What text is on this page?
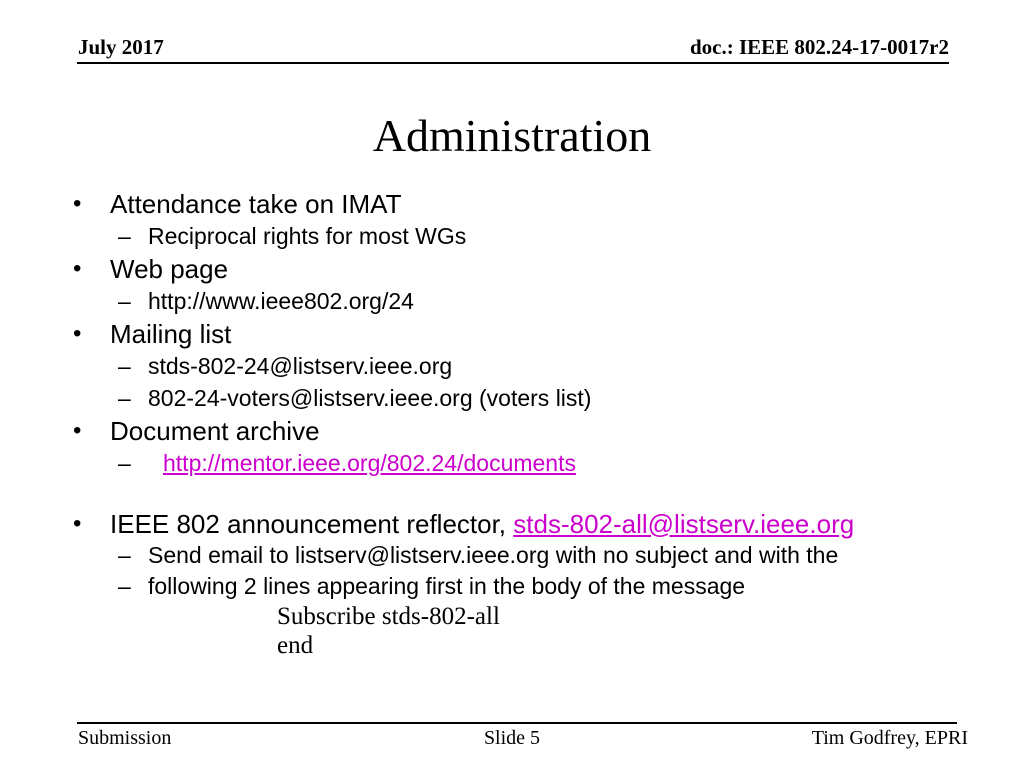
July 2017	doc.: IEEE 802.24-17-0017r2
Administration
• Attendance take on IMAT
– Reciprocal rights for most WGs
• Web page
– http://www.ieee802.org/24
• Mailing list
– stds-802-24@listserv.ieee.org
– 802-24-voters@listserv.ieee.org (voters list)
• Document archive
– http://mentor.ieee.org/802.24/documents
• IEEE 802 announcement reflector, stds-802-all@listserv.ieee.org
– Send email to listserv@listserv.ieee.org with no subject and with the
– following 2 lines appearing first in the body of the message
Subscribe stds-802-all
end
Submission	Slide 5	Tim Godfrey, EPRI
